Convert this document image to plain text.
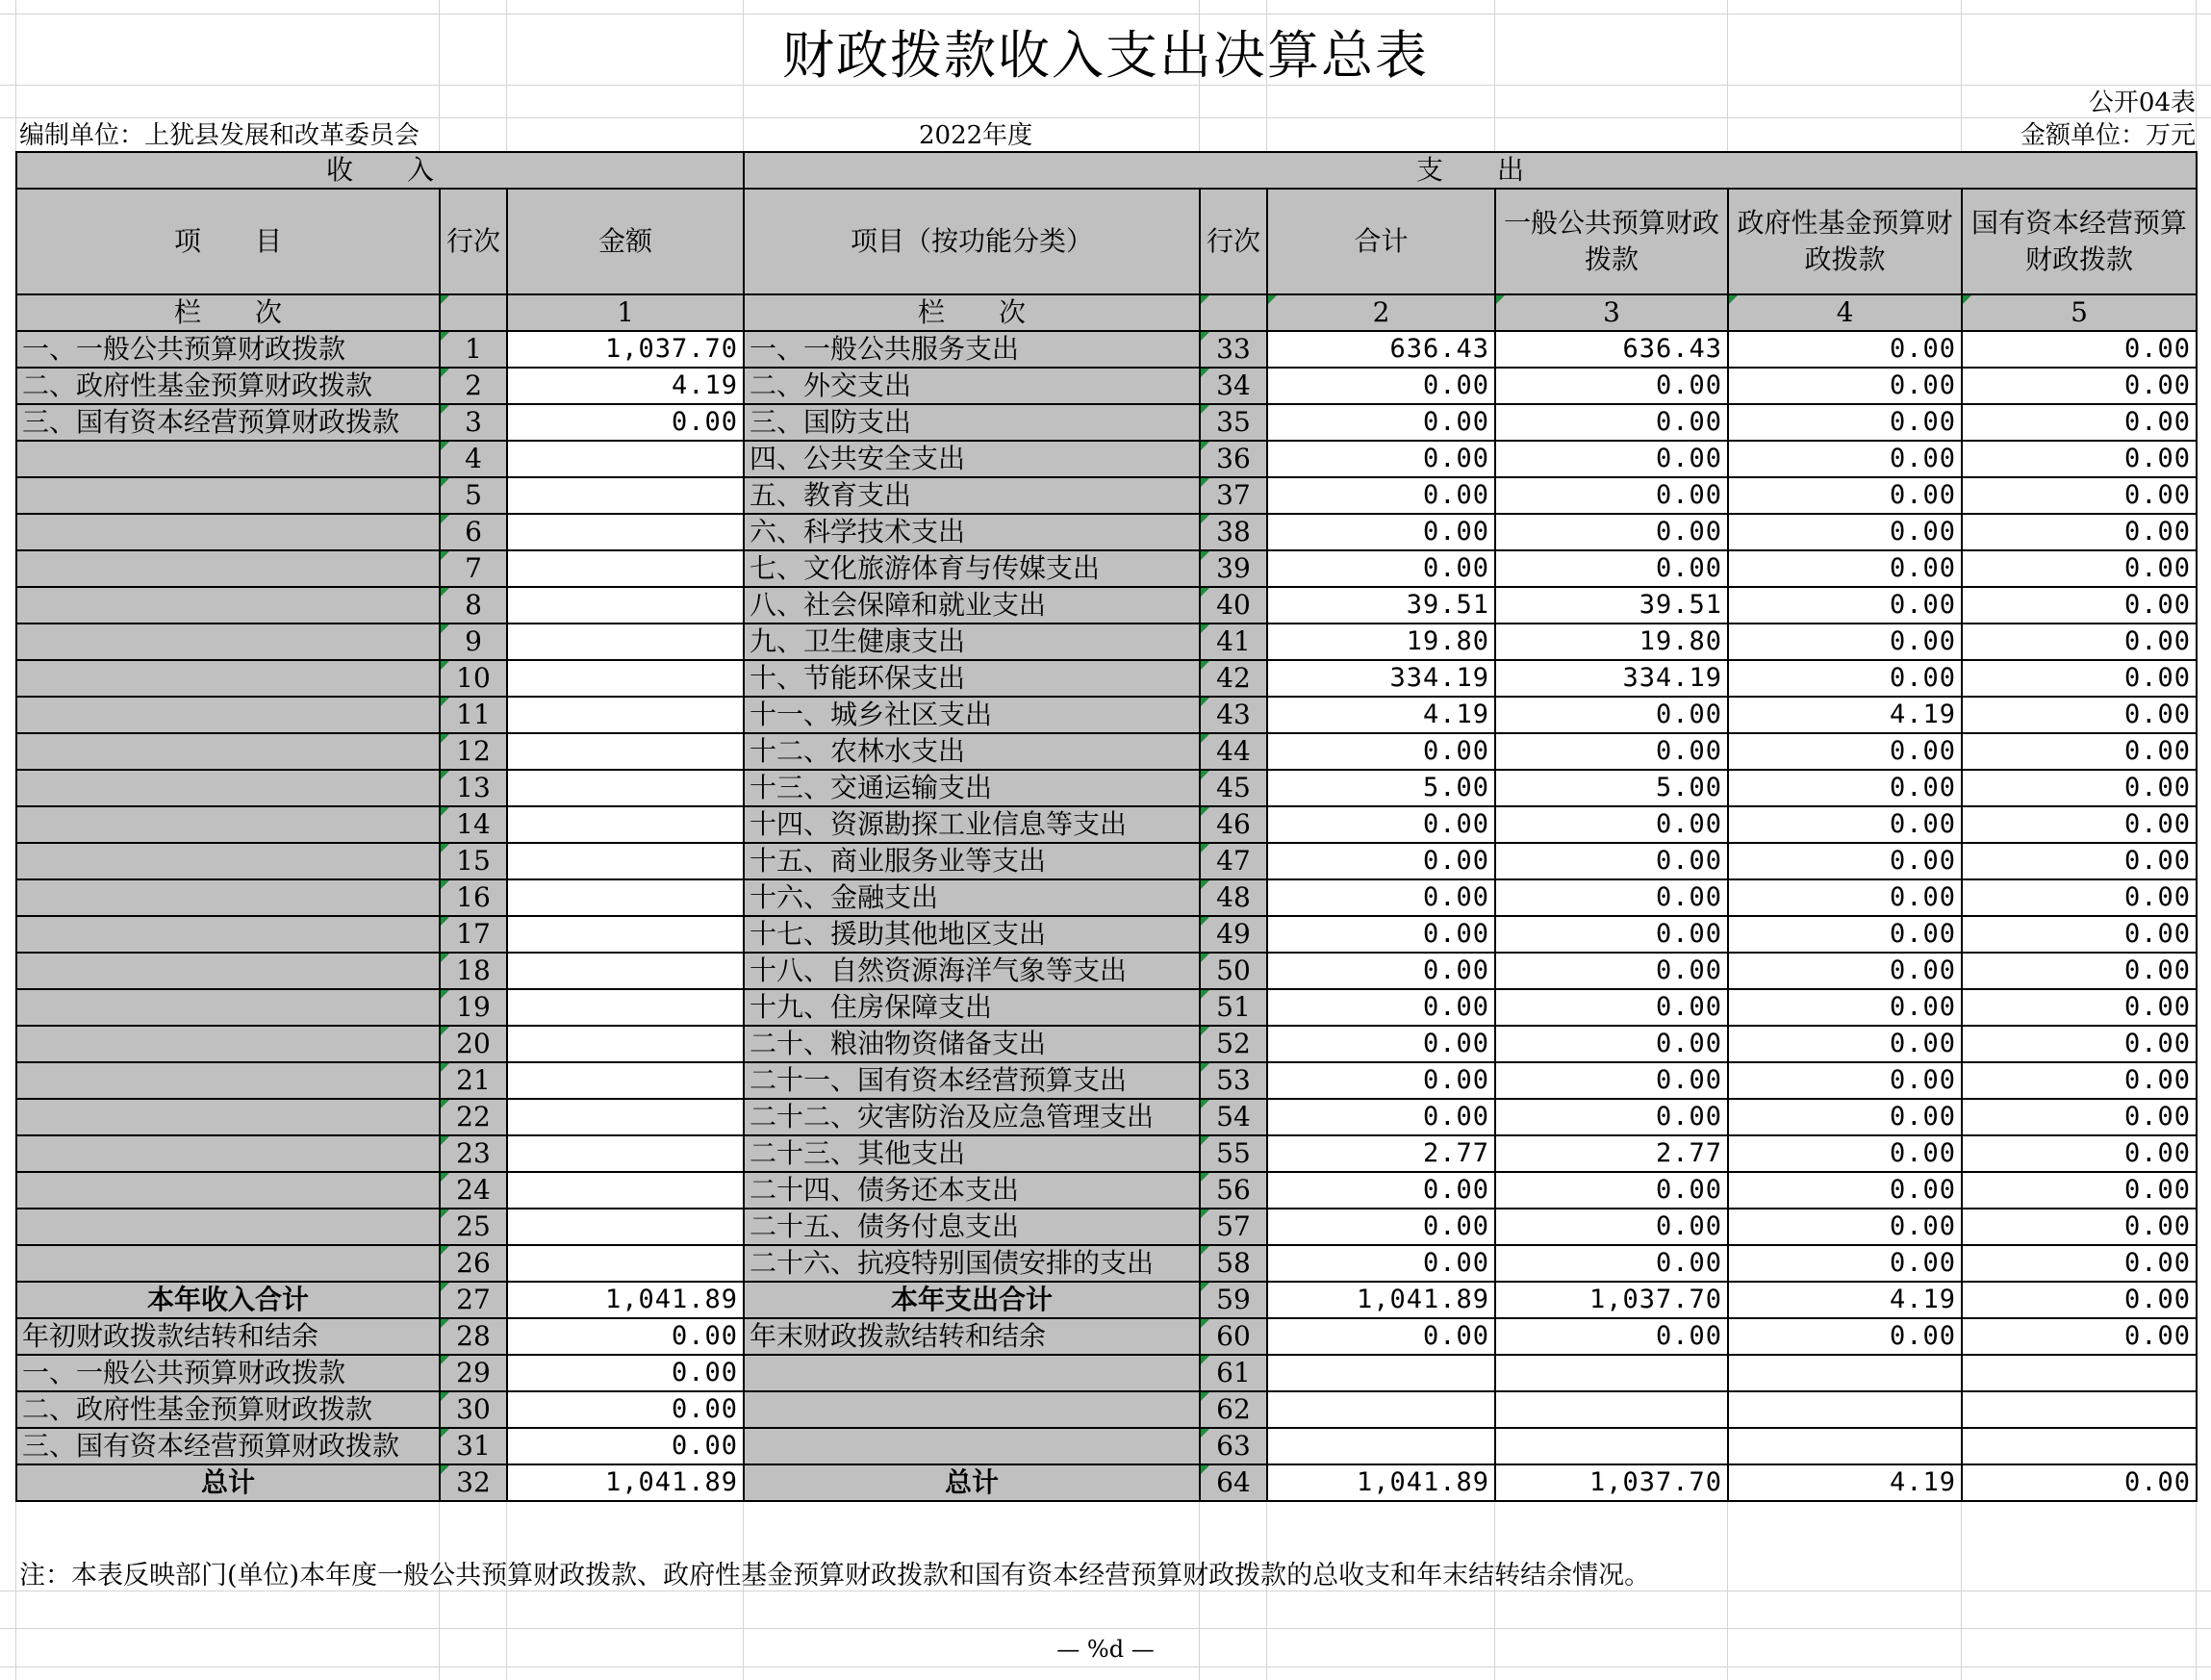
财政拨款收入支出决算总表
公开04表
编制单位：上犹县发展和改革委员会	2022年度	金额单位：万元
收　　入			支　　出					

项　　目	行次	金额	项目（按功能分类）	行次	合计	一般公共预算财政拨款	政府性基金预算财政拨款	国有资本经营预算财政拨款

栏　　次		1	栏　　次		2	3	4	5
一、一般公共预算财政拨款	1	1,037.70	一、一般公共服务支出	33	636.43	636.43	0.00	0.00
二、政府性基金预算财政拨款	2	4.19	二、外交支出	34	0.00	0.00	0.00	0.00
三、国有资本经营预算财政拨款	3	0.00	三、国防支出	35	0.00	0.00	0.00	0.00
	4		四、公共安全支出	36	0.00	0.00	0.00	0.00
	5		五、教育支出	37	0.00	0.00	0.00	0.00
	6		六、科学技术支出	38	0.00	0.00	0.00	0.00
	7		七、文化旅游体育与传媒支出	39	0.00	0.00	0.00	0.00
	8		八、社会保障和就业支出	40	39.51	39.51	0.00	0.00
	9		九、卫生健康支出	41	19.80	19.80	0.00	0.00
	10		十、节能环保支出	42	334.19	334.19	0.00	0.00
	11		十一、城乡社区支出	43	4.19	0.00	4.19	0.00
	12		十二、农林水支出	44	0.00	0.00	0.00	0.00
	13		十三、交通运输支出	45	5.00	5.00	0.00	0.00
	14		十四、资源勘探工业信息等支出	46	0.00	0.00	0.00	0.00
	15		十五、商业服务业等支出	47	0.00	0.00	0.00	0.00
	16		十六、金融支出	48	0.00	0.00	0.00	0.00
	17		十七、援助其他地区支出	49	0.00	0.00	0.00	0.00
	18		十八、自然资源海洋气象等支出	50	0.00	0.00	0.00	0.00
	19		十九、住房保障支出	51	0.00	0.00	0.00	0.00
	20		二十、粮油物资储备支出	52	0.00	0.00	0.00	0.00
	21		二十一、国有资本经营预算支出	53	0.00	0.00	0.00	0.00
	22		二十二、灾害防治及应急管理支出	54	0.00	0.00	0.00	0.00
	23		二十三、其他支出	55	2.77	2.77	0.00	0.00
	24		二十四、债务还本支出	56	0.00	0.00	0.00	0.00
	25		二十五、债务付息支出	57	0.00	0.00	0.00	0.00
	26		二十六、抗疫特别国债安排的支出	58	0.00	0.00	0.00	0.00
本年收入合计	27	1,041.89	本年支出合计	59	1,041.89	1,037.70	4.19	0.00
年初财政拨款结转和结余	28	0.00	年末财政拨款结转和结余	60	0.00	0.00	0.00	0.00
一、一般公共预算财政拨款	29	0.00		61				
二、政府性基金预算财政拨款	30	0.00		62				
三、国有资本经营预算财政拨款	31	0.00		63				
总计	32	1,041.89	总计	64	1,041.89	1,037.70	4.19	0.00
注：本表反映部门(单位)本年度一般公共预算财政拨款、政府性基金预算财政拨款和国有资本经营预算财政拨款的总收支和年末结转结余情况。
— %d —
